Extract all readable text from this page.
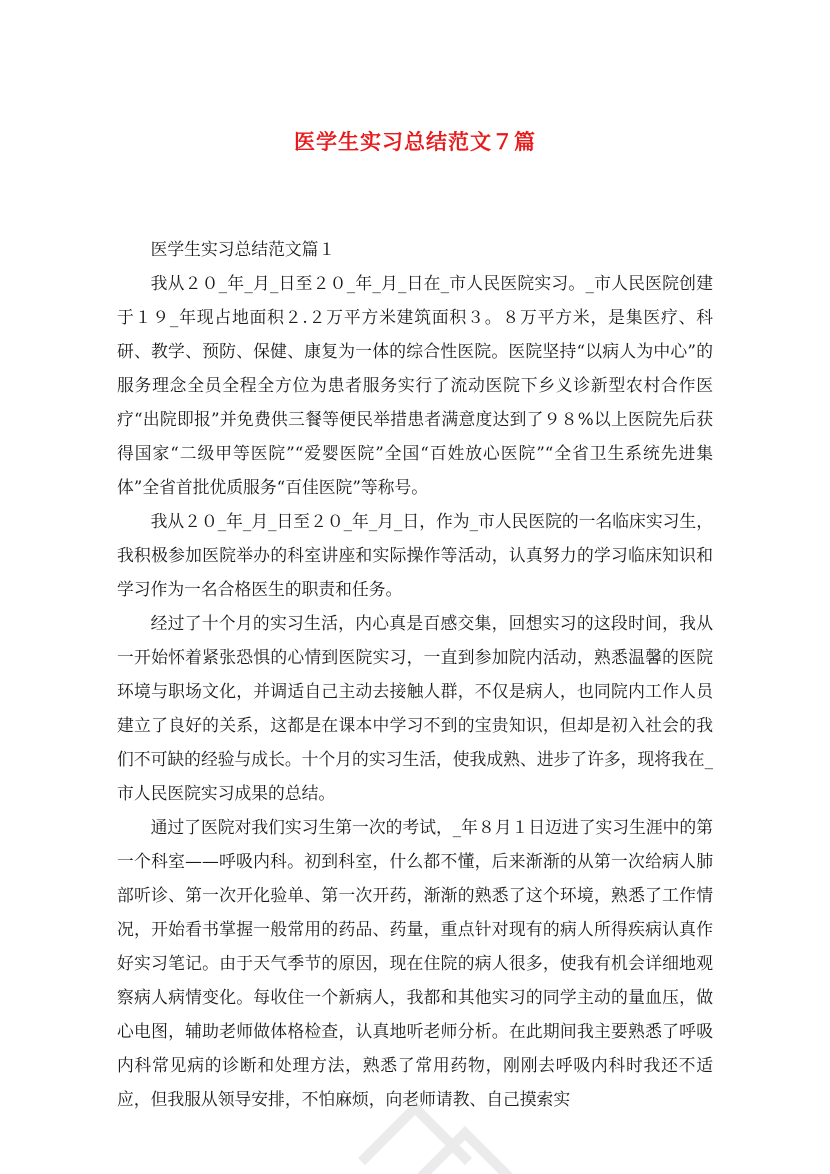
医学生实习总结范文７篇

医学生实习总结范文篇１

我从２０_年_月_日至２０_年_月_日在_市人民医院实习。_市人民医院创建于１９_年现占地面积２.２万平方米建筑面积３。８万平方米，是集医疗、科研、教学、预防、保健、康复为一体的综合性医院。医院坚持“以病人为中心”的服务理念全员全程全方位为患者服务实行了流动医院下乡义诊新型农村合作医疗“出院即报”并免费供三餐等便民举措患者满意度达到了９８%以上医院先后获得国家“二级甲等医院”“爱婴医院”全国“百姓放心医院”“全省卫生系统先进集体”全省首批优质服务“百佳医院”等称号。

我从２０_年_月_日至２０_年_月_日，作为_市人民医院的一名临床实习生，我积极参加医院举办的科室讲座和实际操作等活动，认真努力的学习临床知识和学习作为一名合格医生的职责和任务。

经过了十个月的实习生活，内心真是百感交集，回想实习的这段时间，我从一开始怀着紧张恐惧的心情到医院实习，一直到参加院内活动，熟悉温馨的医院环境与职场文化，并调适自己主动去接触人群，不仅是病人，也同院内工作人员建立了良好的关系，这都是在课本中学习不到的宝贵知识，但却是初入社会的我们不可缺的经验与成长。十个月的实习生活，使我成熟、进步了许多，现将我在_市人民医院实习成果的总结。

通过了医院对我们实习生第一次的考试，_年８月１日迈进了实习生涯中的第一个科室——呼吸内科。初到科室，什么都不懂，后来渐渐的从第一次给病人肺部听诊、第一次开化验单、第一次开药，渐渐的熟悉了这个环境，熟悉了工作情况，开始看书掌握一般常用的药品、药量，重点针对现有的病人所得疾病认真作好实习笔记。由于天气季节的原因，现在住院的病人很多，使我有机会详细地观察病人病情变化。每收住一个新病人，我都和其他实习的同学主动的量血压，做心电图，辅助老师做体格检查，认真地听老师分析。在此期间我主要熟悉了呼吸内科常见病的诊断和处理方法，熟悉了常用药物，刚刚去呼吸内科时我还不适应，但我服从领导安排，不怕麻烦，向老师请教、自己摸索实
